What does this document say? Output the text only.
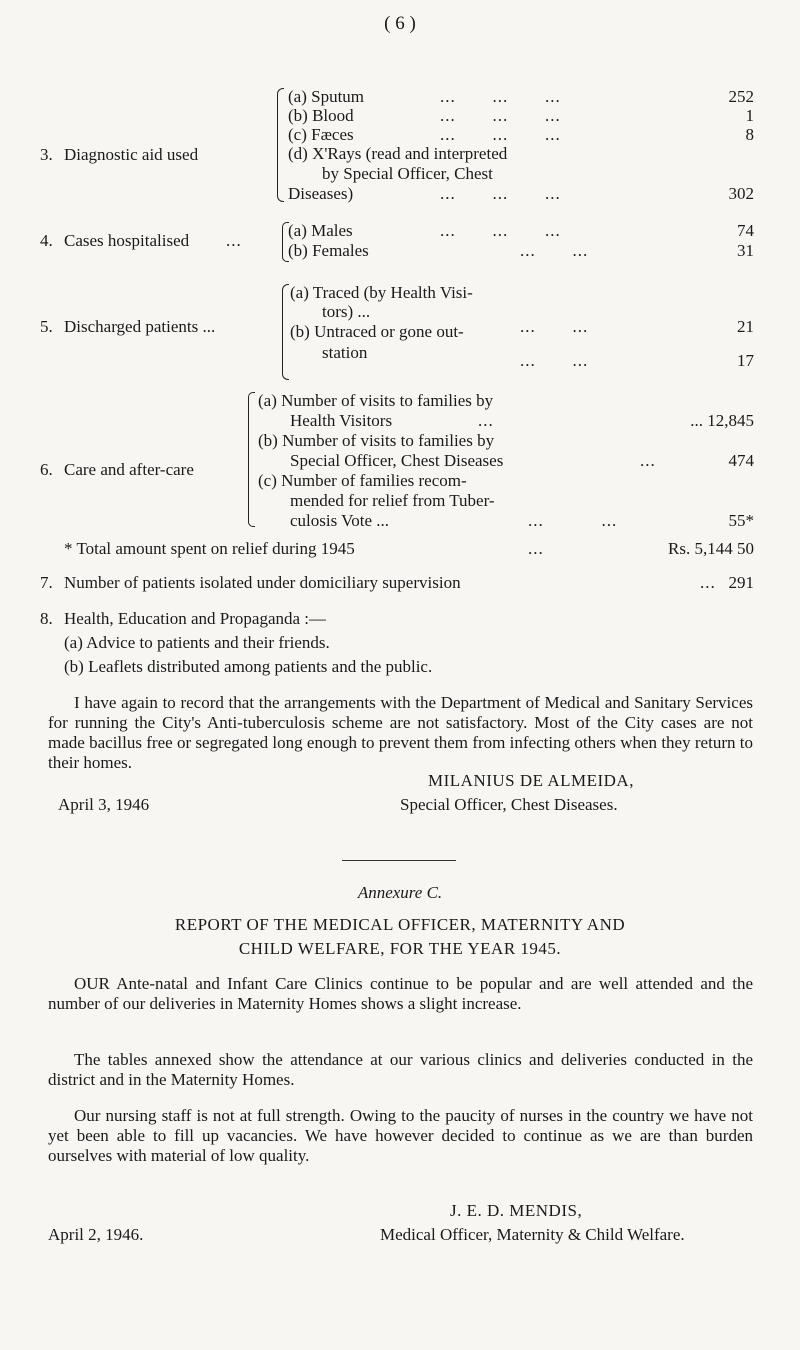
( 6 )
3. Diagnostic aid used
(a) Sputum	...       ...       ...	252
(b) Blood	...       ...       ...	1
(c) Fæces	...       ...       ...	8
(d) X'Rays (read and interpreted
by Special Officer, Chest
Diseases)	...       ...       ...	302
4. Cases hospitalised ...
(a) Males	...       ...       ...	74
(b) Females	...       ...	31
5. Discharged patients ...
(a) Traced (by Health Visi-
tors) ...
...       ...	21
(b) Untraced or gone out-
station	...       ...	17
6. Care and after-care
(a) Number of visits to families by
Health Visitors	...	... 12,845
(b) Number of visits to families by
Special Officer, Chest Diseases	...	474
(c) Number of families recom-
mended for relief from Tuber-
culosis Vote ...	...           ...	55*
* Total amount spent on relief during 1945	...	Rs. 5,144 50
7. Number of patients isolated under domiciliary supervision	... 291
8. Health, Education and Propaganda :—
(a) Advice to patients and their friends.
(b) Leaflets distributed among patients and the public.
I have again to record that the arrangements with the Department of Medical and Sanitary Services for running the City's Anti-tuberculosis scheme are not satisfactory. Most of the City cases are not made bacillus free or segregated long enough to prevent them from infecting others when they return to their homes.
MILANIUS DE ALMEIDA,
April 3, 1946	Special Officer, Chest Diseases.
Annexure C.
REPORT OF THE MEDICAL OFFICER, MATERNITY AND
CHILD WELFARE, FOR THE YEAR 1945.
OUR Ante-natal and Infant Care Clinics continue to be popular and are well attended and the number of our deliveries in Maternity Homes shows a slight increase.
The tables annexed show the attendance at our various clinics and deliveries conducted in the district and in the Maternity Homes.
Our nursing staff is not at full strength. Owing to the paucity of nurses in the country we have not yet been able to fill up vacancies. We have however decided to continue as we are than burden ourselves with material of low quality.
J. E. D. MENDIS,
April 2, 1946.	Medical Officer, Maternity & Child Welfare.
